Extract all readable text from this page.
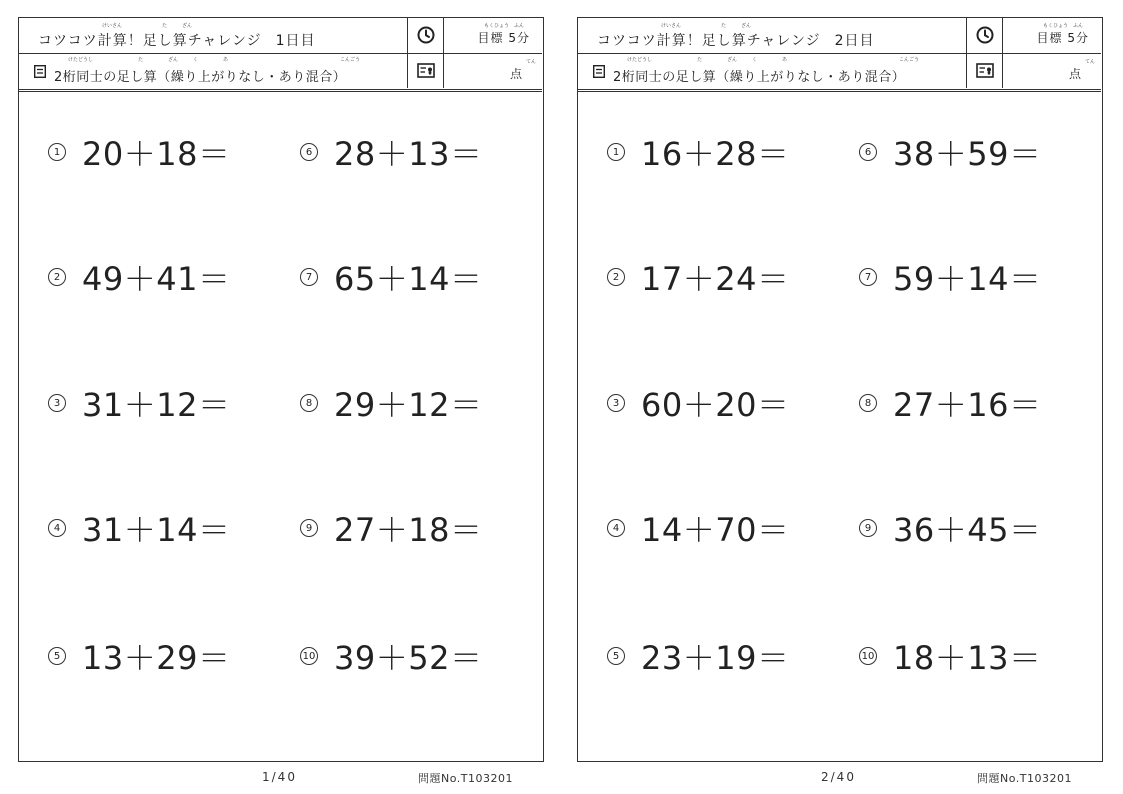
けいさん	た	ざん
コツコツ計算！足し算チャレンジ 1日目
もくひょう　ふん
目標 5分
けたどうし	た	ざん	く	あ	こんごう
2桁同士の足し算（繰り上がりなし・あり混合）
てん
点
1 20＋18＝
2 49＋41＝
3 31＋12＝
4 31＋14＝
5 13＋29＝
6 28＋13＝
7 65＋14＝
8 29＋12＝
9 27＋18＝
10 39＋52＝
けいさん	た	ざん
コツコツ計算！足し算チャレンジ 2日目
もくひょう　ふん
目標 5分
けたどうし	た	ざん	く	あ	こんごう
2桁同士の足し算（繰り上がりなし・あり混合）
てん
点
1 16＋28＝
2 17＋24＝
3 60＋20＝
4 14＋70＝
5 23＋19＝
6 38＋59＝
7 59＋14＝
8 27＋16＝
9 36＋45＝
10 18＋13＝
1/40	問題No.T103201	2/40	問題No.T103201
